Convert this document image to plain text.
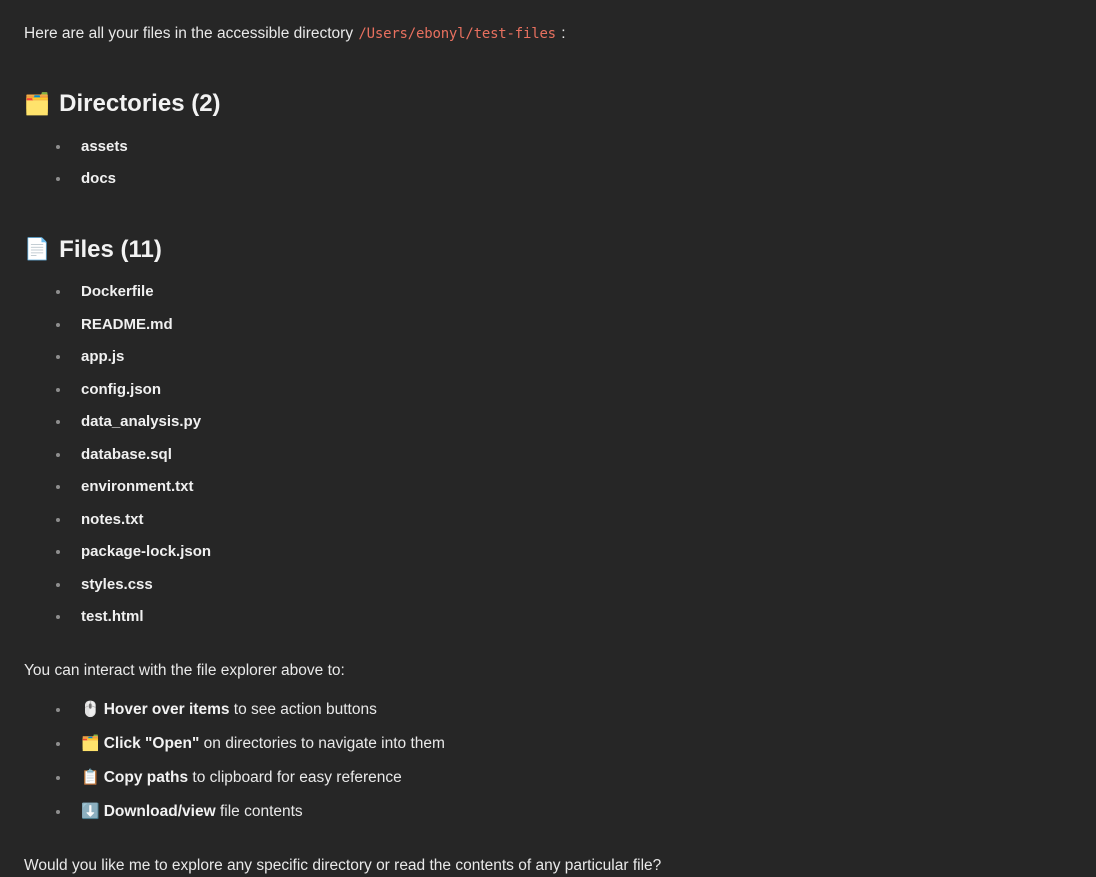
Here are all your files in the accessible directory /Users/ebonyl/test-files :

🗂️ Directories (2)
assets
docs
📄 Files (11)
Dockerfile
README.md
app.js
config.json
data_analysis.py
database.sql
environment.txt
notes.txt
package-lock.json
styles.css
test.html

You can interact with the file explorer above to:

🖱️ Hover over items to see action buttons
🗂️ Click "Open" on directories to navigate into them
📋 Copy paths to clipboard for easy reference
⬇️ Download/view file contents

Would you like me to explore any specific directory or read the contents of any particular file?
